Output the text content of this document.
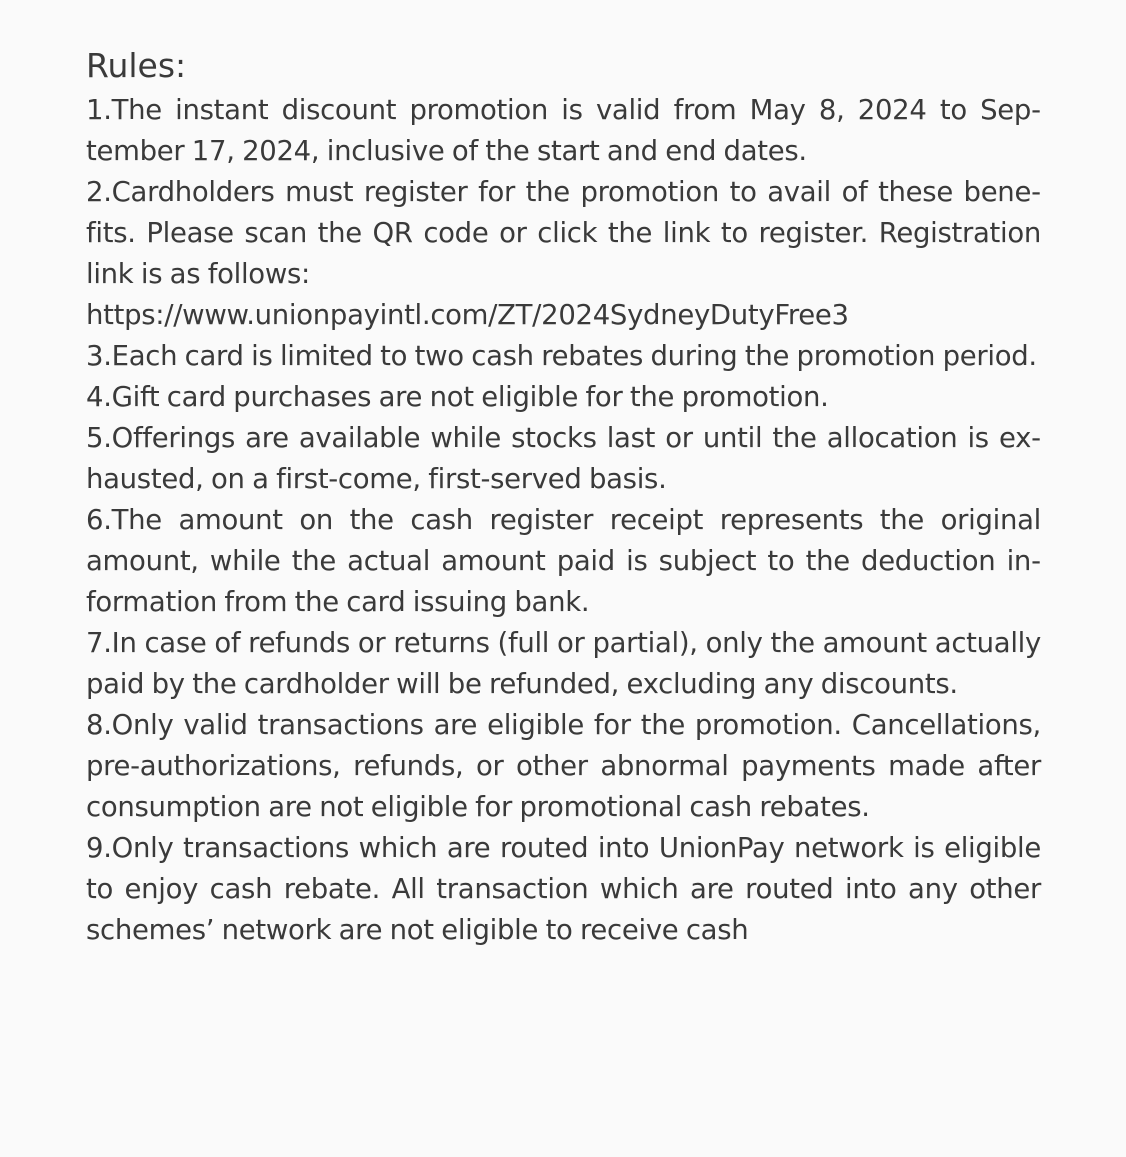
Rules:

1.The instant discount promotion is valid from May 8, 2024 to September 17, 2024, inclusive of the start and end dates.

2.Cardholders must register for the promotion to avail of these benefits. Please scan the QR code or click the link to register. Registration link is as follows:

https://www.unionpayintl.com/ZT/2024SydneyDutyFree3

3.Each card is limited to two cash rebates during the promotion period.

4.Gift card purchases are not eligible for the promotion.

5.Offerings are available while stocks last or until the allocation is exhausted, on a first-come, first-served basis.

6.The amount on the cash register receipt represents the original amount, while the actual amount paid is subject to the deduction information from the card issuing bank.

7.In case of refunds or returns (full or partial), only the amount actually paid by the cardholder will be refunded, excluding any discounts.

8.Only valid transactions are eligible for the promotion. Cancellations, pre-authorizations, refunds, or other abnormal payments made after consumption are not eligible for promotional cash rebates.

9.Only transactions which are routed into UnionPay network is eligible to enjoy cash rebate. All transaction which are routed into any other schemes’ network are not eligible to receive cash
